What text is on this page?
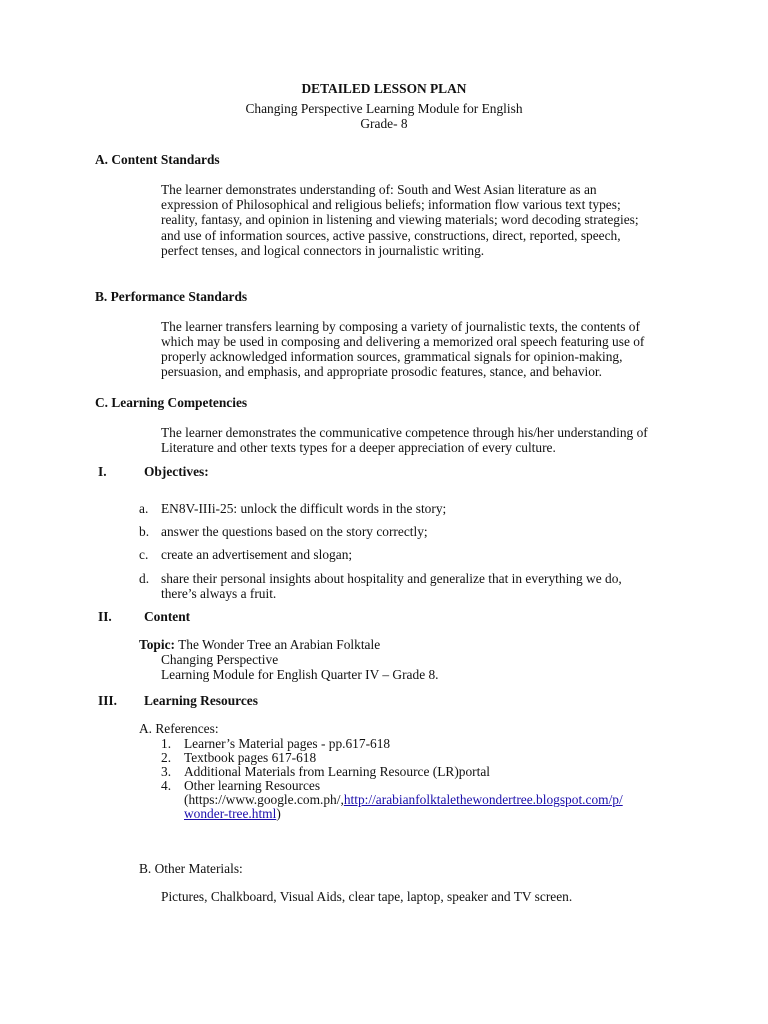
DETAILED LESSON PLAN
Changing Perspective Learning Module for English
Grade- 8
A. Content Standards
The learner demonstrates understanding of: South and West Asian literature as an
expression of Philosophical and religious beliefs; information flow various text types;
reality, fantasy, and opinion in listening and viewing materials; word decoding strategies;
and use of information sources, active passive, constructions, direct, reported, speech,
perfect tenses, and logical connectors in journalistic writing.
B. Performance Standards
The learner transfers learning by composing a variety of journalistic texts, the contents of
which may be used in composing and delivering a memorized oral speech featuring use of
properly acknowledged information sources, grammatical signals for opinion-making,
persuasion, and emphasis, and appropriate prosodic features, stance, and behavior.
C. Learning Competencies
The learner demonstrates the communicative competence through his/her understanding of
Literature and other texts types for a deeper appreciation of every culture.
I.	Objectives:
a. EN8V-IIIi-25: unlock the difficult words in the story;
b. answer the questions based on the story correctly;
c. create an advertisement and slogan;
d. share their personal insights about hospitality and generalize that in everything we do,
there’s always a fruit.
II. Content
Topic: The Wonder Tree an Arabian Folktale
Changing Perspective
Learning Module for English Quarter IV – Grade 8.
III. Learning Resources
A. References:
1. Learner’s Material pages - pp.617-618
2. Textbook pages 617-618
3. Additional Materials from Learning Resource (LR)portal
4. Other learning Resources
(https://www.google.com.ph/,http://arabianfolktalethewondertree.blogspot.com/p/
wonder-tree.html)
B. Other Materials:
Pictures, Chalkboard, Visual Aids, clear tape, laptop, speaker and TV screen.
